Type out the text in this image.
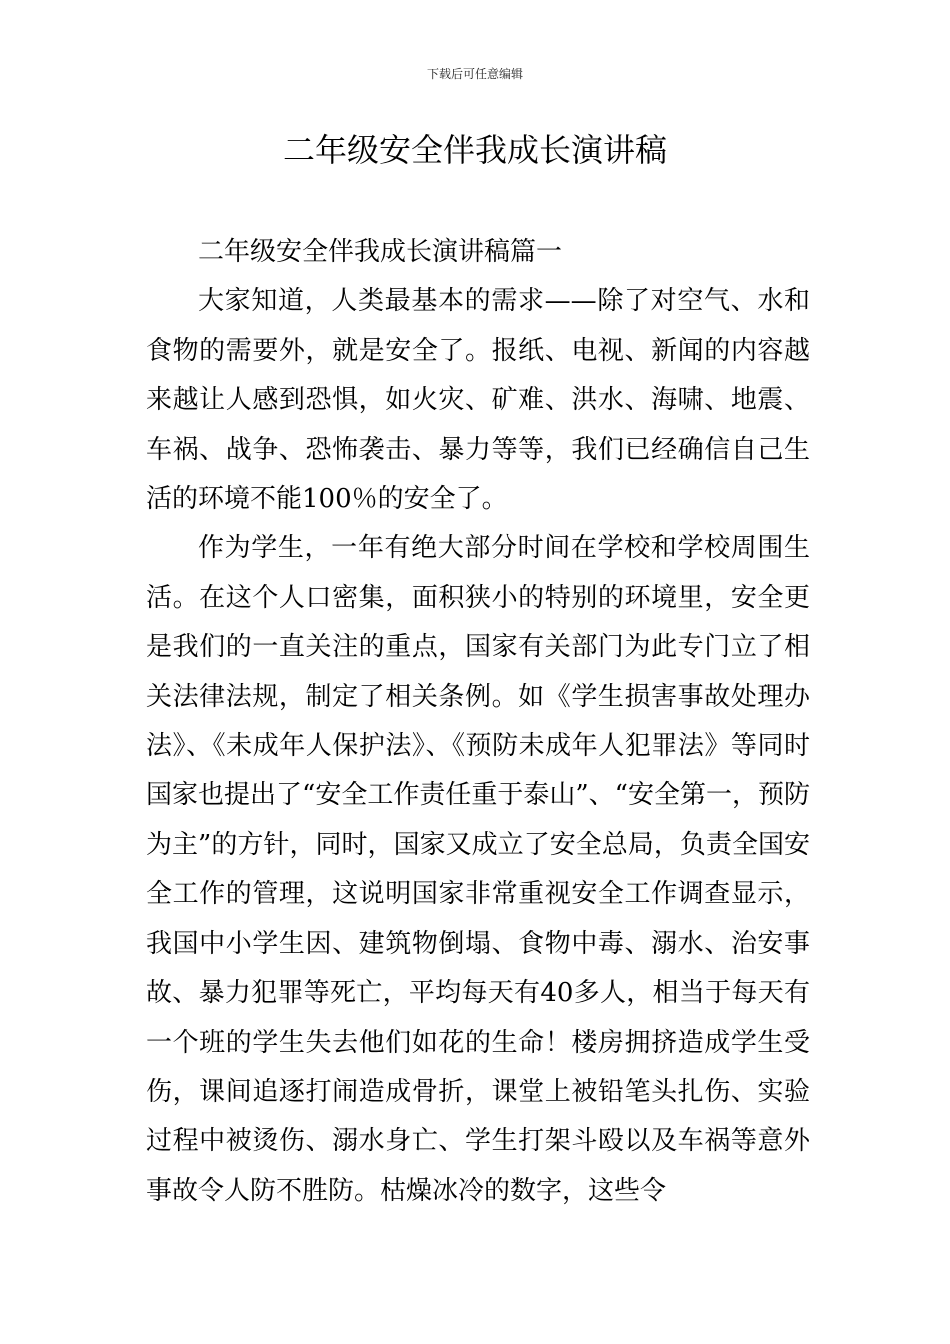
下载后可任意编辑
二年级安全伴我成长演讲稿

二年级安全伴我成长演讲稿篇一

大家知道，人类最基本的需求——除了对空气、水和食物的需要外，就是安全了。报纸、电视、新闻的内容越来越让人感到恐惧，如火灾、矿难、洪水、海啸、地震、车祸、战争、恐怖袭击、暴力等等，我们已经确信自己生活的环境不能100％的安全了。

作为学生，一年有绝大部分时间在学校和学校周围生活。在这个人口密集，面积狭小的特别的环境里，安全更是我们的一直关注的重点，国家有关部门为此专门立了相关法律法规，制定了相关条例。如《学生损害事故处理办法》、《未成年人保护法》、《预防未成年人犯罪法》等同时国家也提出了“安全工作责任重于泰山”、“安全第一，预防为主”的方针，同时，国家又成立了安全总局，负责全国安全工作的管理，这说明国家非常重视安全工作调查显示，我国中小学生因、建筑物倒塌、食物中毒、溺水、治安事故、暴力犯罪等死亡，平均每天有40多人，相当于每天有一个班的学生失去他们如花的生命！楼房拥挤造成学生受伤，课间追逐打闹造成骨折，课堂上被铅笔头扎伤、实验过程中被烫伤、溺水身亡、学生打架斗殴以及车祸等意外事故令人防不胜防。枯燥冰冷的数字，这些令
